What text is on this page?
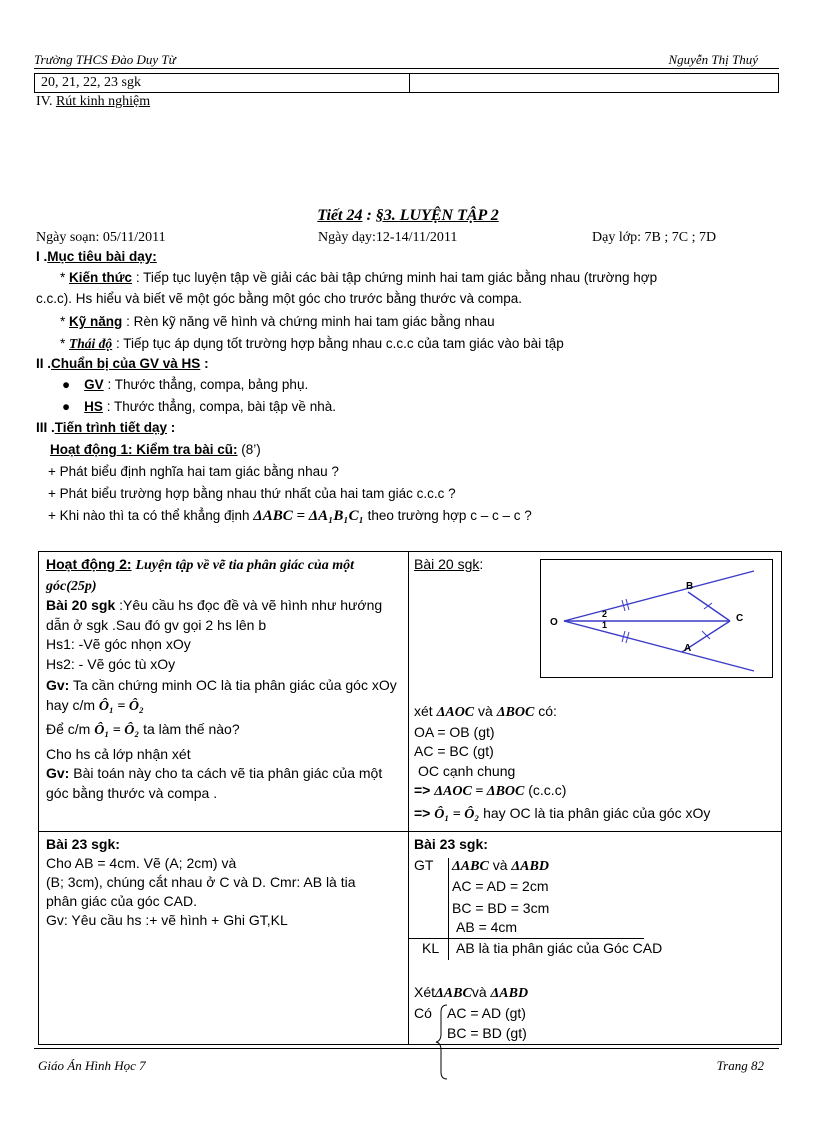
Trường THCS Đào Duy Từ	Nguyễn Thị Thuý
20, 21, 22, 23 sgk	
IV. Rút kinh nghiệm
Tiết 24 : §3. LUYỆN TẬP 2
Ngày soạn: 05/11/2011	Ngày dạy:12-14/11/2011	Dạy lớp: 7B ; 7C ; 7D
I .Mục tiêu bài dạy:
* Kiến thức : Tiếp tục luyện tập về giải các bài tập chứng minh hai tam giác bằng nhau (trường hợp
c.c.c). Hs hiểu và biết vẽ một góc bằng một góc cho trước bằng thước và compa.
* Kỹ năng : Rèn kỹ năng vẽ hình và chứng minh hai tam giác bằng nhau
* Thái độ : Tiếp tục áp dụng tốt trường hợp bằng nhau c.c.c của tam giác vào bài tập
II .Chuẩn bị của GV và HS :
● GV : Thước thẳng, compa, bảng phụ.
● HS : Thước thẳng, compa, bài tập về nhà.
III .Tiến trình tiết dạy :
Hoạt động 1: Kiểm tra bài cũ: (8’)
+ Phát biểu định nghĩa hai tam giác bằng nhau ?
+ Phát biểu trường hợp bằng nhau thứ nhất của hai tam giác c.c.c ?
+ Khi nào thì ta có thể khẳng định ΔABC = ΔA₁B₁C₁ theo trường hợp c – c – c ?
Hoạt động 2: Luyện tập về vẽ tia phân giác của một góc(25p)
Bài 20 sgk :Yêu cầu hs đọc đề và vẽ hình như hướng dẫn ở sgk .Sau đó gv gọi 2 hs lên b
Hs1: -Vẽ góc nhọn xOy
Hs2: - Vẽ góc tù xOy
Gv: Ta cần chứng minh OC là tia phân giác của góc xOy hay c/m Ô₁ = Ô₂
Để c/m Ô₁ = Ô₂ ta làm thế nào?
Cho hs cả lớp nhận xét
Gv: Bài toán này cho ta cách vẽ tia phân giác của một góc bằng thước và compa .
Bài 20 sgk:
O	C
B
A
2
1
xét ΔAOC và ΔBOC có:
OA = OB (gt)
AC = BC (gt)
OC cạnh chung
=> ΔAOC = ΔBOC (c.c.c)
=> Ô₁ = Ô₂ hay OC là tia phân giác của góc xOy
Bài 23 sgk:
Cho AB = 4cm. Vẽ (A; 2cm) và
(B; 3cm), chúng cắt nhau ở C và D. Cmr: AB là tia
phân giác của góc CAD.
Gv: Yêu cầu hs :+ vẽ hình + Ghi GT,KL
Bài 23 sgk:
GT ΔABC và ΔABD
AC = AD = 2cm
BC = BD = 3cm
AB = 4cm
KL AB là tia phân giác của Góc CAD
XétΔABCvà ΔABD
Có AC = AD (gt)
BC = BD (gt)
Giáo Án Hình Học 7	Trang 82
